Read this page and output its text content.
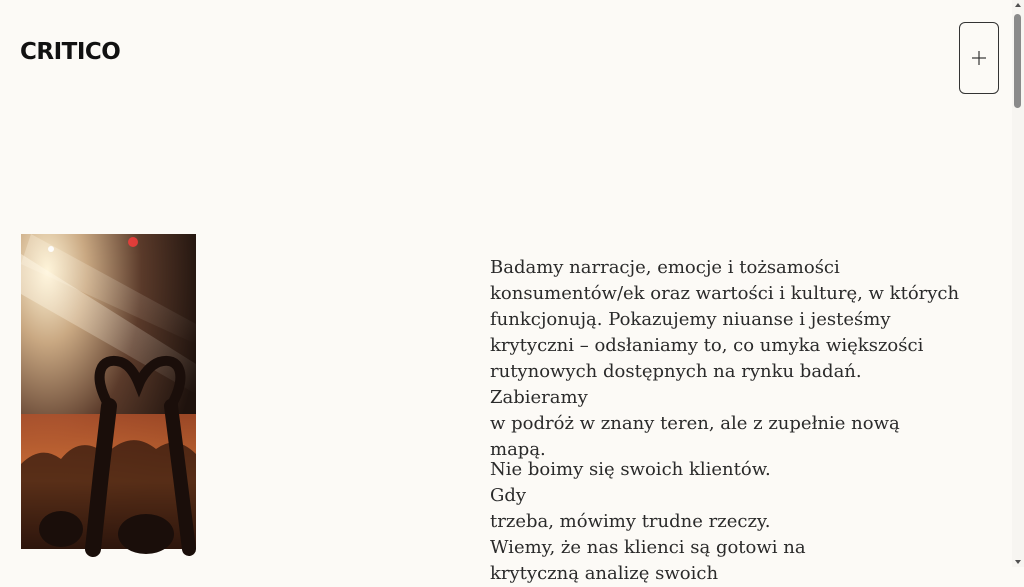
CRITICO

Badamy narracje, emocje i tożsamości
konsumentów/ek oraz wartości i kulturę, w których
funkcjonują. Pokazujemy niuanse i jesteśmy
krytyczni – odsłaniamy to, co umyka większości
rutynowych dostępnych na rynku badań. Zabieramy
w podróż w znany teren, ale z zupełnie nową mapą.

Nie boimy się swoich klientów. Gdy
trzeba, mówimy trudne rzeczy.
Wiemy, że nas klienci są gotowi na
krytyczną analizę swoich
